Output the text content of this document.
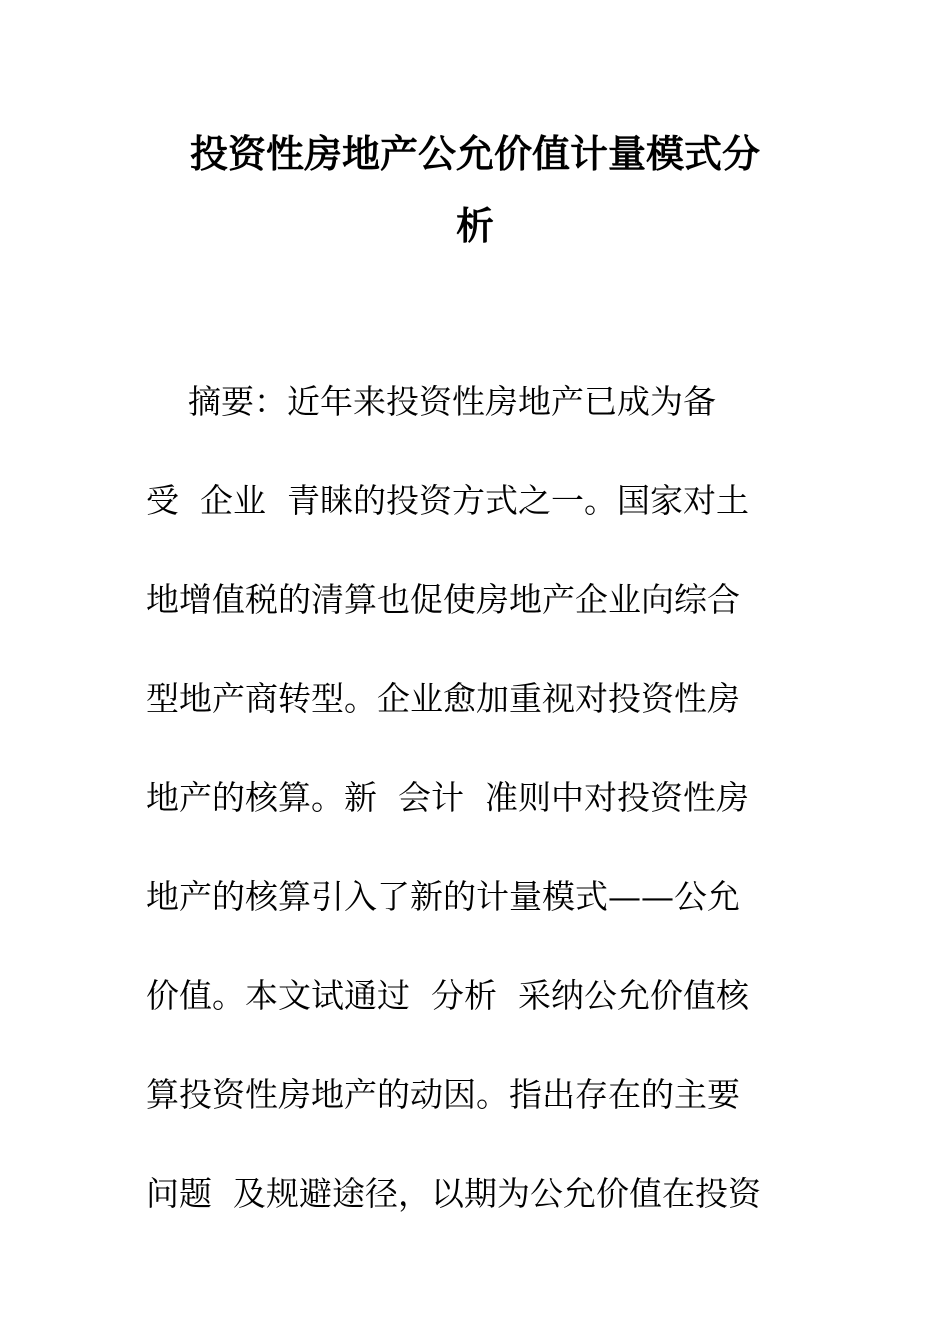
投资性房地产公允价值计量模式分
析
摘要：近年来投资性房地产已成为备
受  企业  青睐的投资方式之一。国家对土
地增值税的清算也促使房地产企业向综合
型地产商转型。企业愈加重视对投资性房
地产的核算。新  会计  准则中对投资性房
地产的核算引入了新的计量模式——公允
价值。本文试通过  分析  采纳公允价值核
算投资性房地产的动因。指出存在的主要
问题  及规避途径，以期为公允价值在投资
